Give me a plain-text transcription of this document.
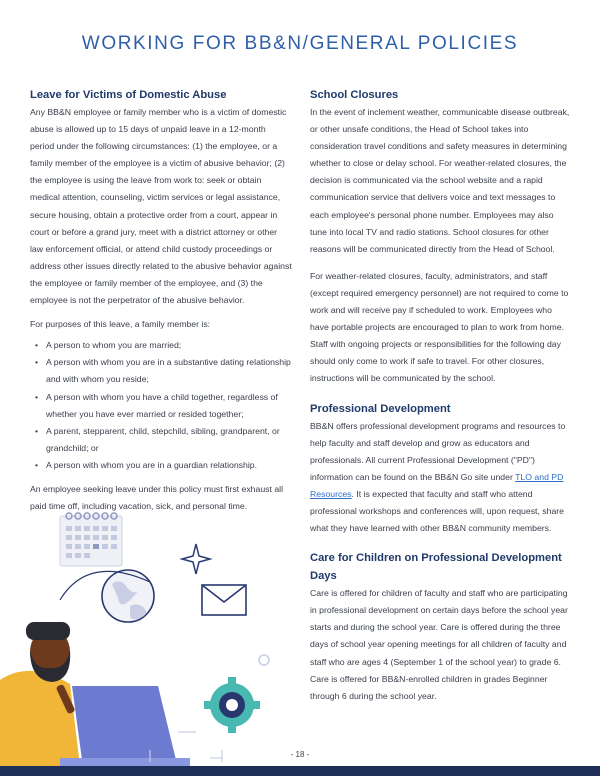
WORKING FOR BB&N/GENERAL POLICIES
Leave for Victims of Domestic Abuse

Any BB&N employee or family member who is a victim of domestic abuse is allowed up to 15 days of unpaid leave in a 12-month period under the following circumstances: (1) the employee, or a family member of the employee is a victim of abusive behavior; (2) the employee is using the leave from work to: seek or obtain medical attention, counseling, victim services or legal assistance, secure housing, obtain a protective order from a court, appear in court or before a grand jury, meet with a district attorney or other law enforcement official, or attend child custody proceedings or address other issues directly related to the abusive behavior against the employee or family member of the employee, and (3) the employee is not the perpetrator of the abusive behavior.

For purposes of this leave, a family member is:

• A person to whom you are married;
• A person with whom you are in a substantive dating relationship and with whom you reside;
• A person with whom you have a child together, regardless of whether you have ever married or resided together;
• A parent, stepparent, child, stepchild, sibling, grandparent, or grandchild; or
• A person with whom you are in a guardian relationship.

An employee seeking leave under this policy must first exhaust all paid time off, including vacation, sick, and personal time.

School Closures

In the event of inclement weather, communicable disease outbreak, or other unsafe conditions, the Head of School takes into consideration travel conditions and safety measures in determining whether to close or delay school. For weather-related closures, the decision is communicated via the school website and a rapid communication service that delivers voice and text messages to each employee's personal phone number. Employees may also tune into local TV and radio stations. School closures for other reasons will be communicated directly from the Head of School.

For weather-related closures, faculty, administrators, and staff (except required emergency personnel) are not required to come to work and will receive pay if scheduled to work. Employees who have portable projects are encouraged to plan to work from home. Staff with ongoing projects or responsibilities for the following day should only come to work if safe to travel. For other closures, instructions will be communicated by the school.

Professional Development

BB&N offers professional development programs and resources to help faculty and staff develop and grow as educators and professionals. All current Professional Development ("PD") information can be found on the BB&N Go site under TLO and PD Resources. It is expected that faculty and staff who attend professional workshops and conferences will, upon request, share what they have learned with other BB&N community members.

Care for Children on Professional Development Days

Care is offered for children of faculty and staff who are participating in professional development on certain days before the school year starts and during the school year. Care is offered during the three days of school year opening meetings for all children of faculty and staff who are ages 4 (September 1 of the school year) to grade 6. Care is offered for BB&N-enrolled children in grades Beginner through 6 during the school year.

- 18 -
